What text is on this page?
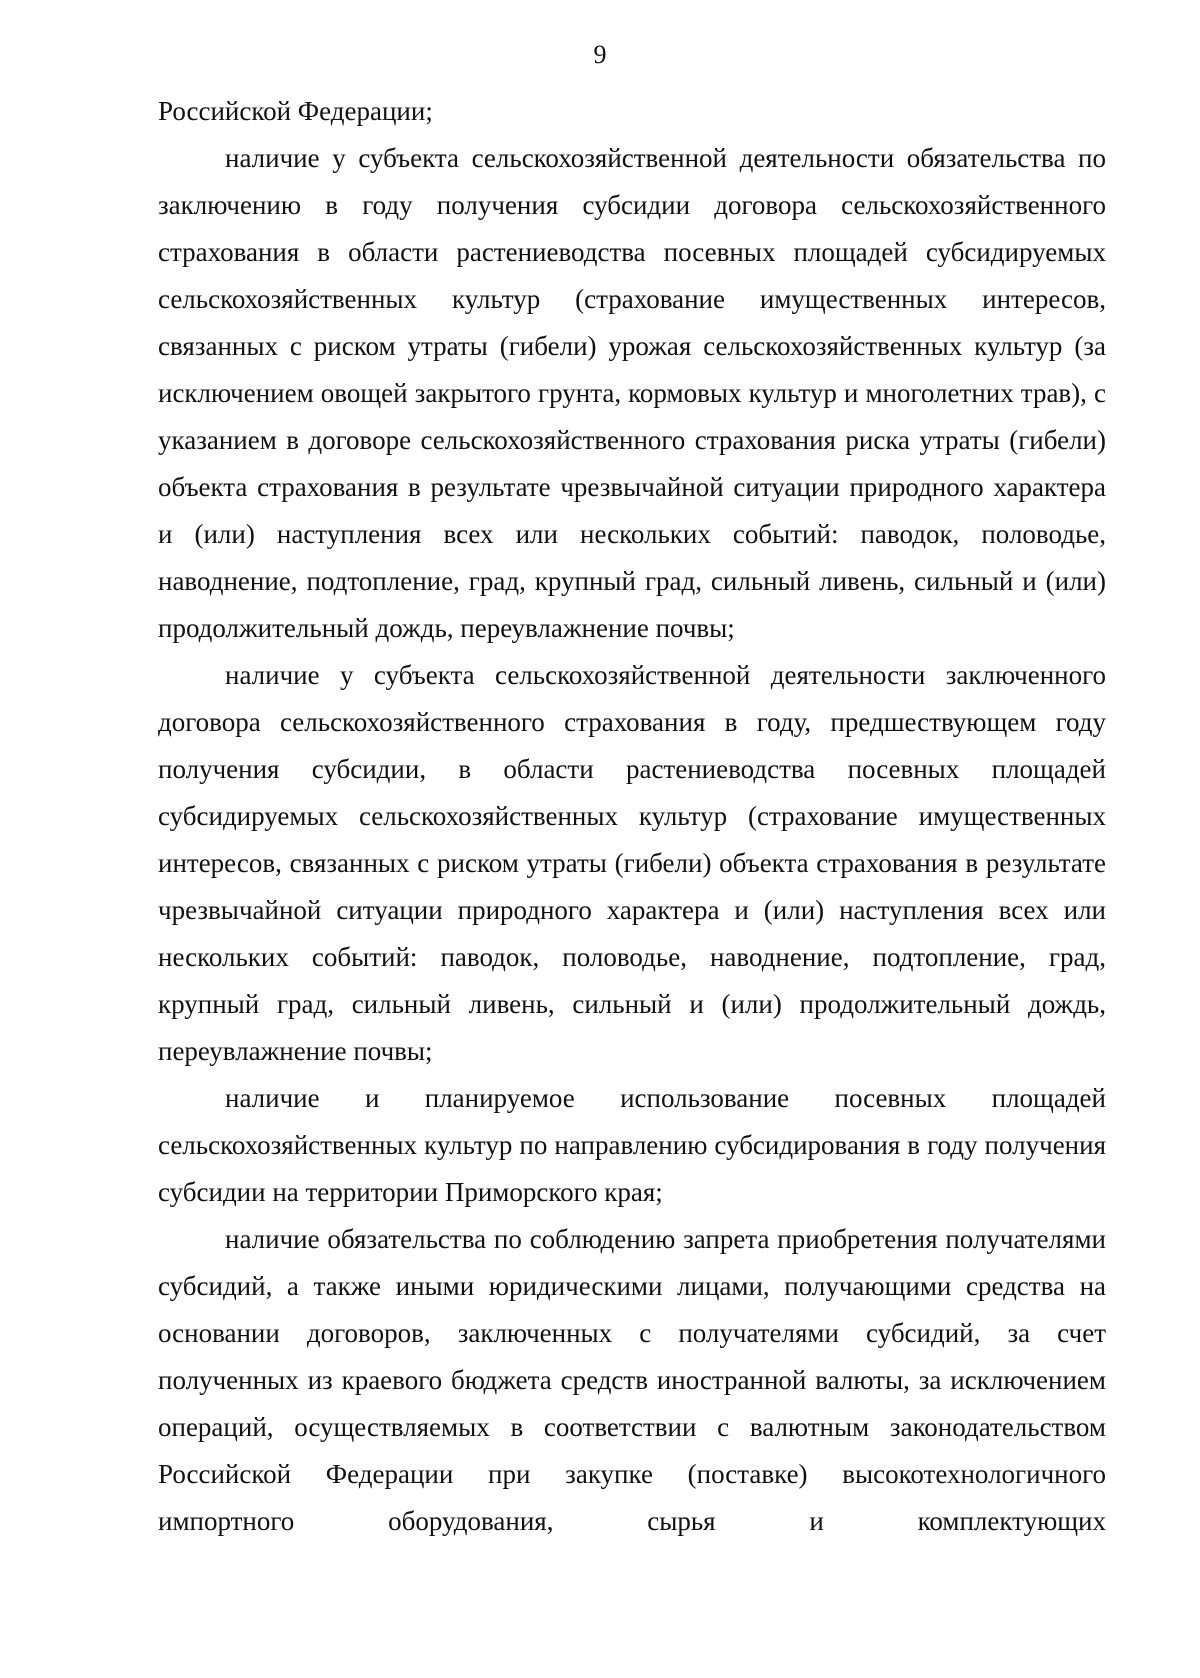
9

Российской Федерации;

наличие у субъекта сельскохозяйственной деятельности обязательства по заключению в году получения субсидии договора сельскохозяйственного страхования в области растениеводства посевных площадей субсидируемых сельскохозяйственных культур (страхование имущественных интересов, связанных с риском утраты (гибели) урожая сельскохозяйственных культур (за исключением овощей закрытого грунта, кормовых культур и многолетних трав), с указанием в договоре сельскохозяйственного страхования риска утраты (гибели) объекта страхования в результате чрезвычайной ситуации природного характера и (или) наступления всех или нескольких событий: паводок, половодье, наводнение, подтопление, град, крупный град, сильный ливень, сильный и (или) продолжительный дождь, переувлажнение почвы;

наличие у субъекта сельскохозяйственной деятельности заключенного договора сельскохозяйственного страхования в году, предшествующем году получения субсидии, в области растениеводства посевных площадей субсидируемых сельскохозяйственных культур (страхование имущественных интересов, связанных с риском утраты (гибели) объекта страхования в результате чрезвычайной ситуации природного характера и (или) наступления всех или нескольких событий: паводок, половодье, наводнение, подтопление, град, крупный град, сильный ливень, сильный и (или) продолжительный дождь, переувлажнение почвы;

наличие и планируемое использование посевных площадей сельскохозяйственных культур по направлению субсидирования в году получения субсидии на территории Приморского края;

наличие обязательства по соблюдению запрета приобретения получателями субсидий, а также иными юридическими лицами, получающими средства на основании договоров, заключенных с получателями субсидий, за счет полученных из краевого бюджета средств иностранной валюты, за исключением операций, осуществляемых в соответствии с валютным законодательством Российской Федерации при закупке (поставке) высокотехнологичного импортного оборудования, сырья и комплектующих
